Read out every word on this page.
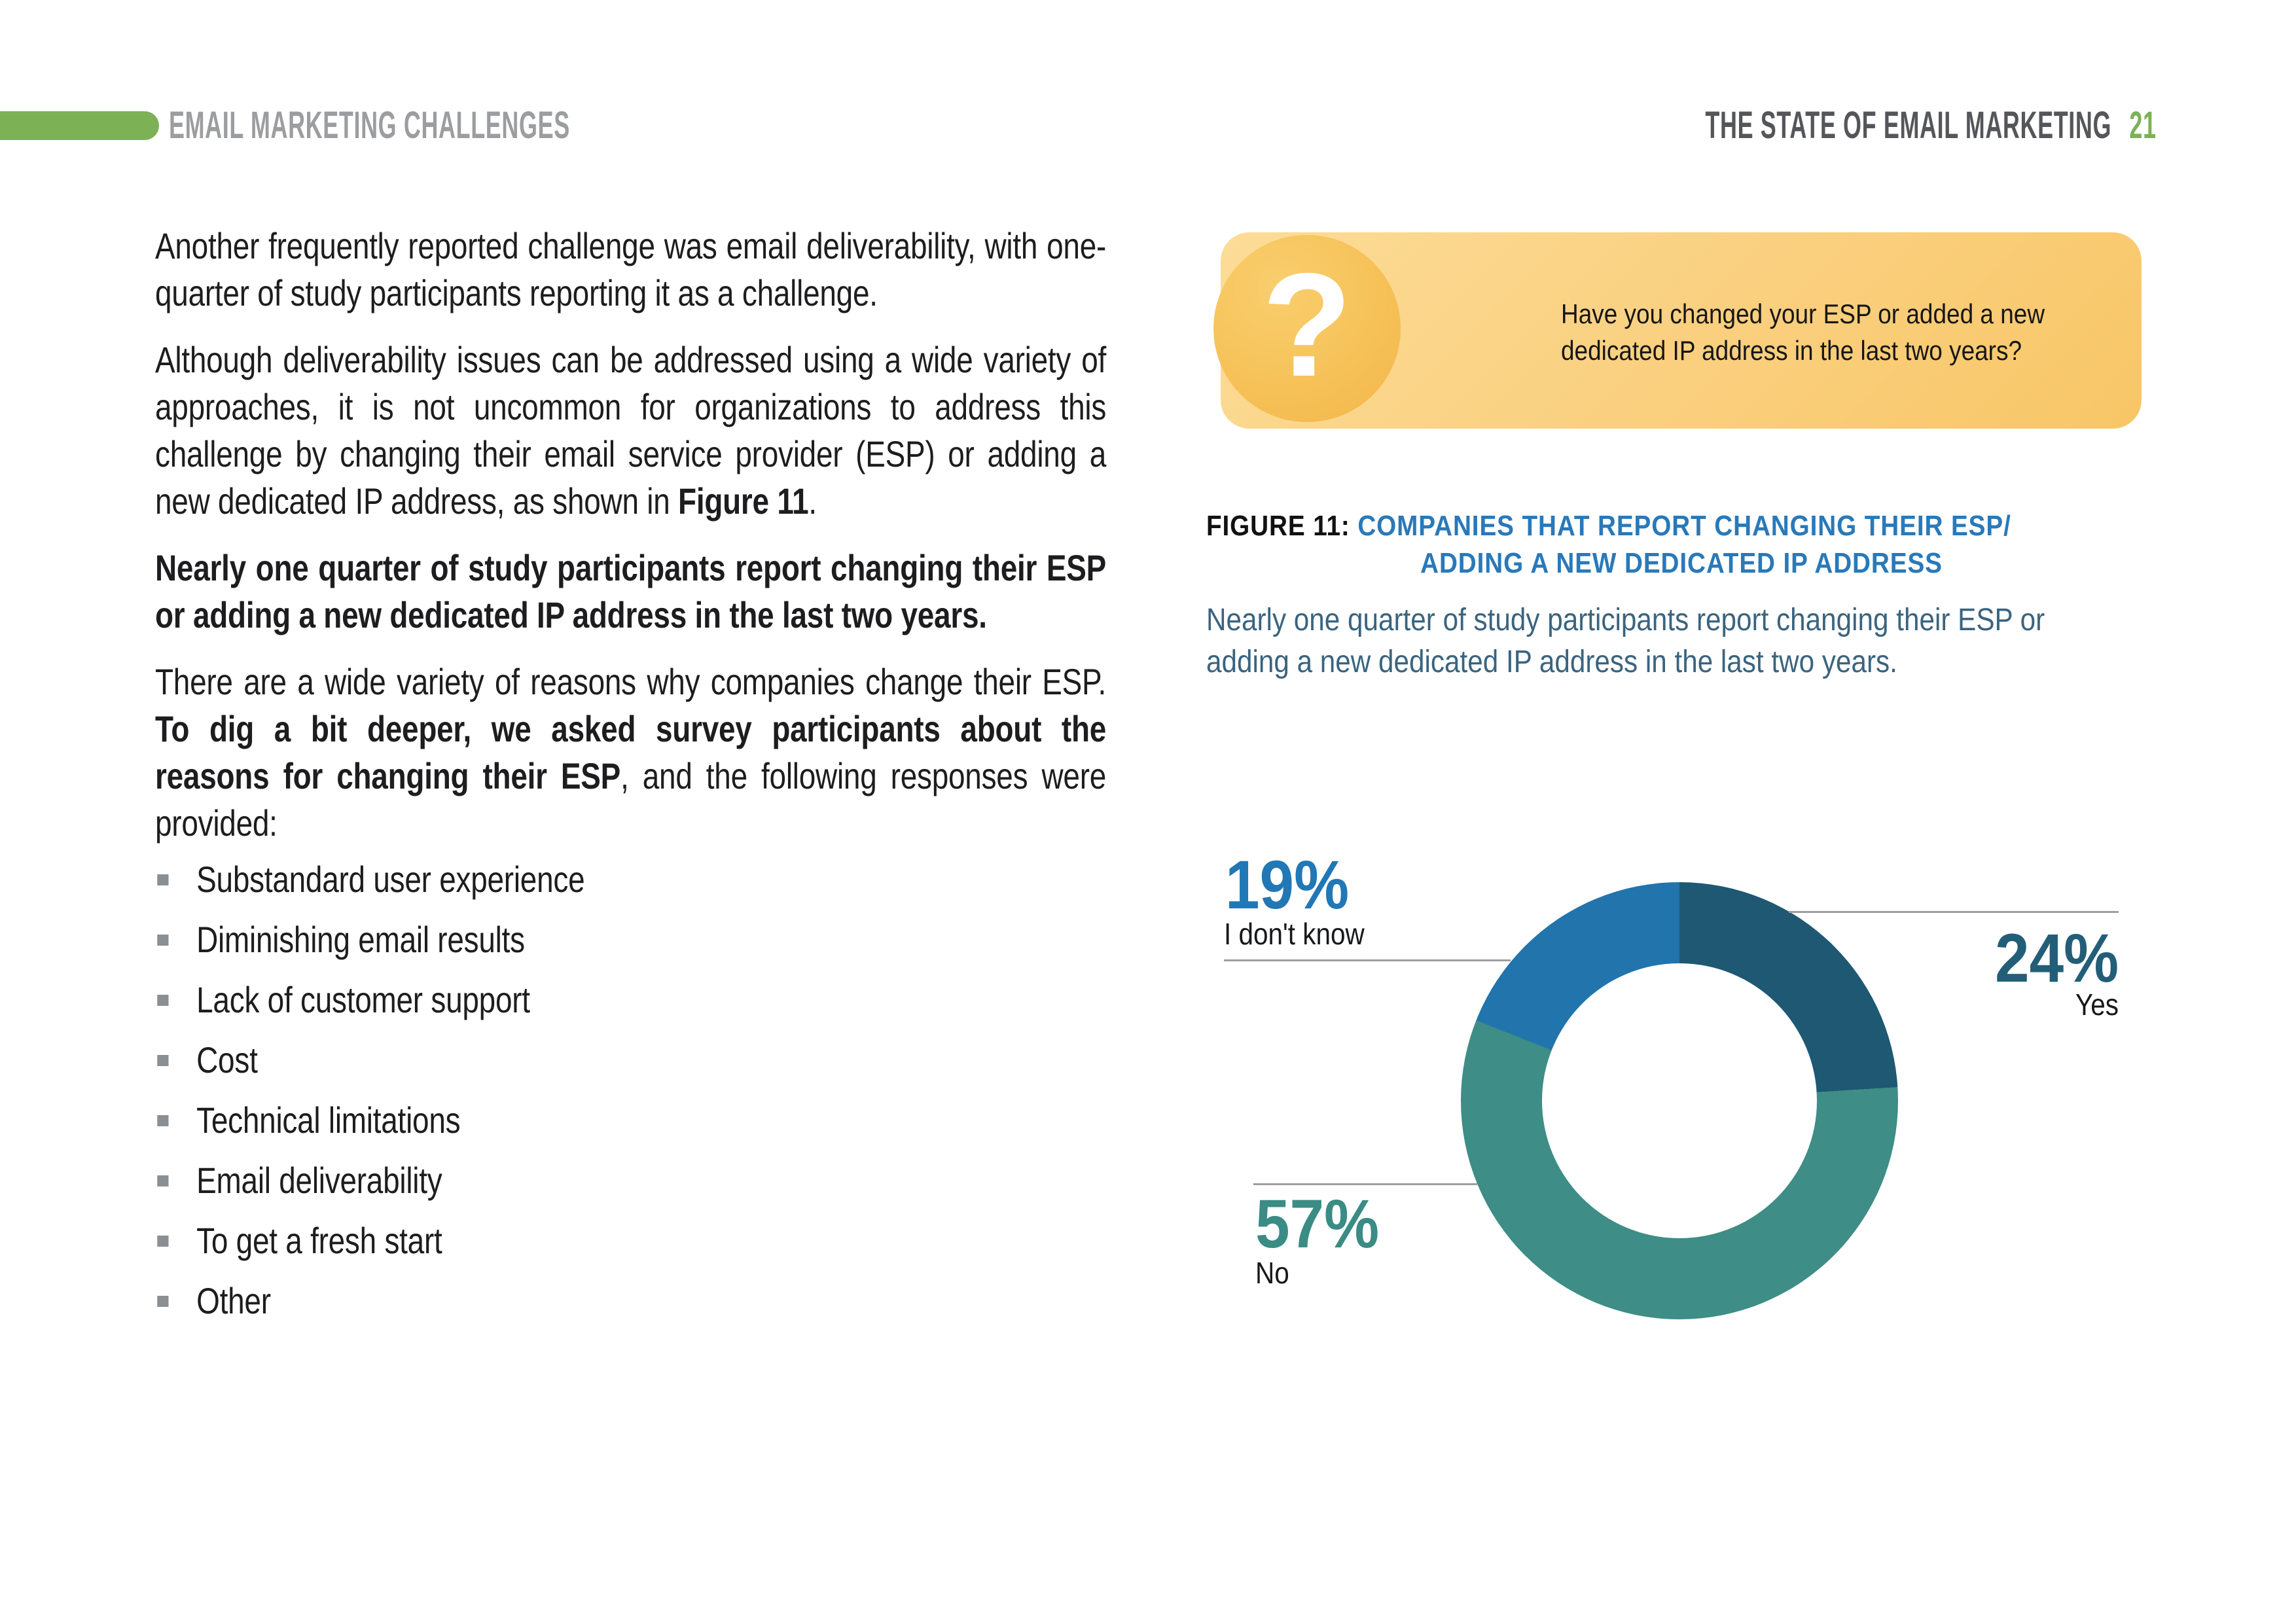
EMAIL MARKETING CHALLENGES	THE STATE OF EMAIL MARKETING 21

Another frequently reported challenge was email deliverability, with one-quarter of study participants reporting it as a challenge.

Although deliverability issues can be addressed using a wide variety of approaches, it is not uncommon for organizations to address this challenge by changing their email service provider (ESP) or adding a new dedicated IP address, as shown in Figure 11.

Nearly one quarter of study participants report changing their ESP or adding a new dedicated IP address in the last two years.

There are a wide variety of reasons why companies change their ESP. To dig a bit deeper, we asked survey participants about the reasons for changing their ESP, and the following responses were provided:

Substandard user experience
Diminishing email results
Lack of customer support
Cost
Technical limitations
Email deliverability
To get a fresh start
Other
?	Have you changed your ESP or added a new dedicated IP address in the last two years?
FIGURE 11: COMPANIES THAT REPORT CHANGING THEIR ESP/
ADDING A NEW DEDICATED IP ADDRESS
Nearly one quarter of study participants report changing their ESP or adding a new dedicated IP address in the last two years.
19%
I don't know	24%
Yes
57%
No
